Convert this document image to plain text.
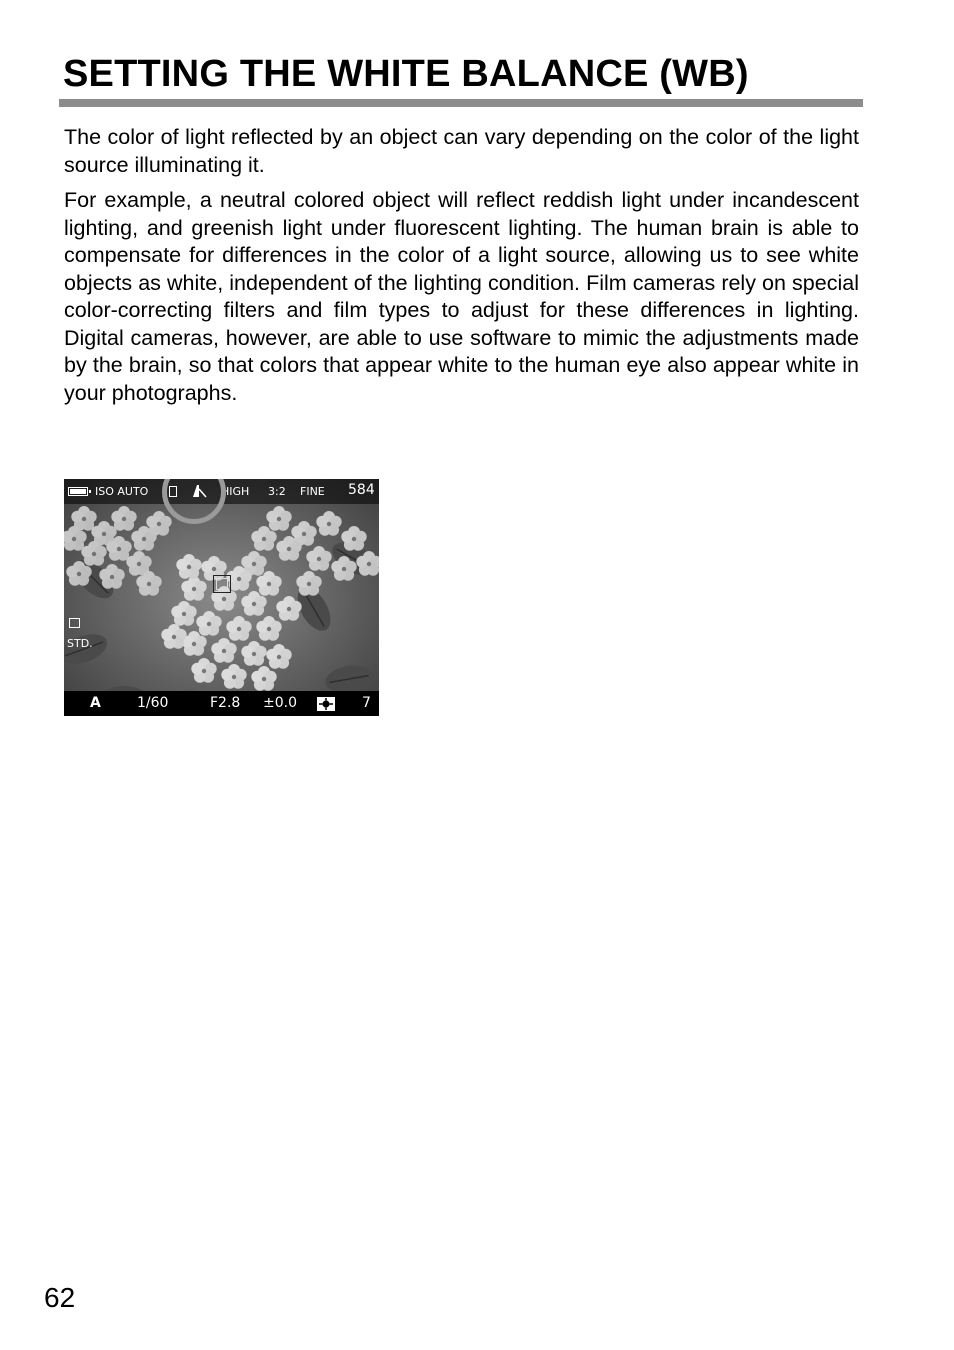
SETTING THE WHITE BALANCE (WB)

The color of light reflected by an object can vary depending on the color of the light source illuminating it.

For example, a neutral colored object will reflect reddish light under incandescent lighting, and greenish light under fluorescent lighting. The human brain is able to compensate for differences in the color of a light source, allowing us to see white objects as white, independent of the lighting condition. Film cameras rely on special color-correcting filters and film types to adjust for these differences in lighting. Digital cameras, however, are able to use software to mimic the adjustments made by the brain, so that colors that appear white to the human eye also appear white in your photographs.

ISO AUTO	HIGH 3:2 FINE 584
STD.
A	1/60	F2.8 ±0.0	7
62
